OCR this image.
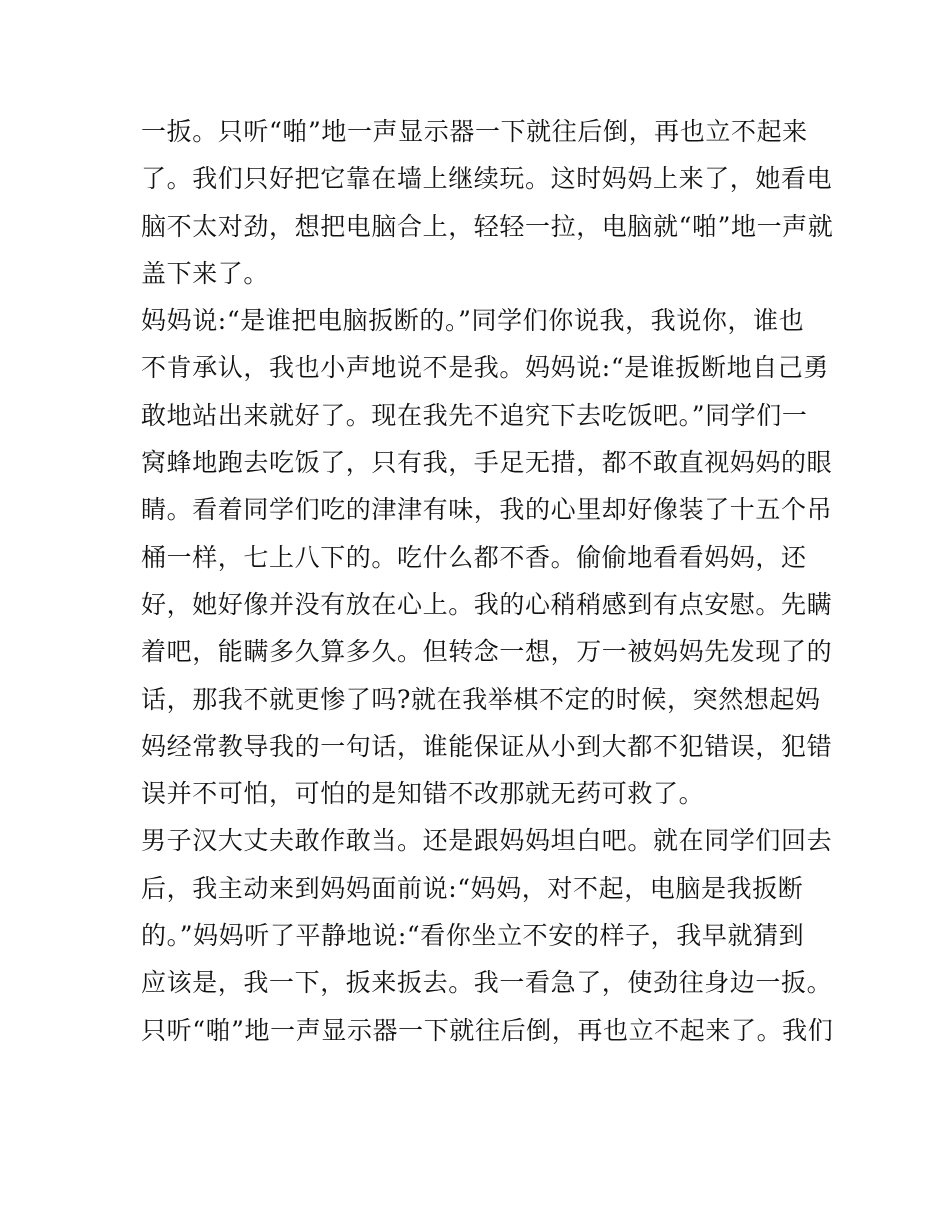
一扳。只听“啪”地一声显示器一下就往后倒，再也立不起来
了。我们只好把它靠在墙上继续玩。这时妈妈上来了，她看电
脑不太对劲，想把电脑合上，轻轻一拉，电脑就“啪”地一声就
盖下来了。
妈妈说:“是谁把电脑扳断的。”同学们你说我，我说你，谁也
不肯承认，我也小声地说不是我。妈妈说:“是谁扳断地自己勇
敢地站出来就好了。现在我先不追究下去吃饭吧。”同学们一
窝蜂地跑去吃饭了，只有我，手足无措，都不敢直视妈妈的眼
睛。看着同学们吃的津津有味，我的心里却好像装了十五个吊
桶一样，七上八下的。吃什么都不香。偷偷地看看妈妈，还
好，她好像并没有放在心上。我的心稍稍感到有点安慰。先瞒
着吧，能瞒多久算多久。但转念一想，万一被妈妈先发现了的
话，那我不就更惨了吗?就在我举棋不定的时候，突然想起妈
妈经常教导我的一句话，谁能保证从小到大都不犯错误，犯错
误并不可怕，可怕的是知错不改那就无药可救了。
男子汉大丈夫敢作敢当。还是跟妈妈坦白吧。就在同学们回去
后，我主动来到妈妈面前说:“妈妈，对不起，电脑是我扳断
的。”妈妈听了平静地说:“看你坐立不安的样子，我早就猜到
应该是，我一下，扳来扳去。我一看急了，使劲往身边一扳。
只听“啪”地一声显示器一下就往后倒，再也立不起来了。我们
